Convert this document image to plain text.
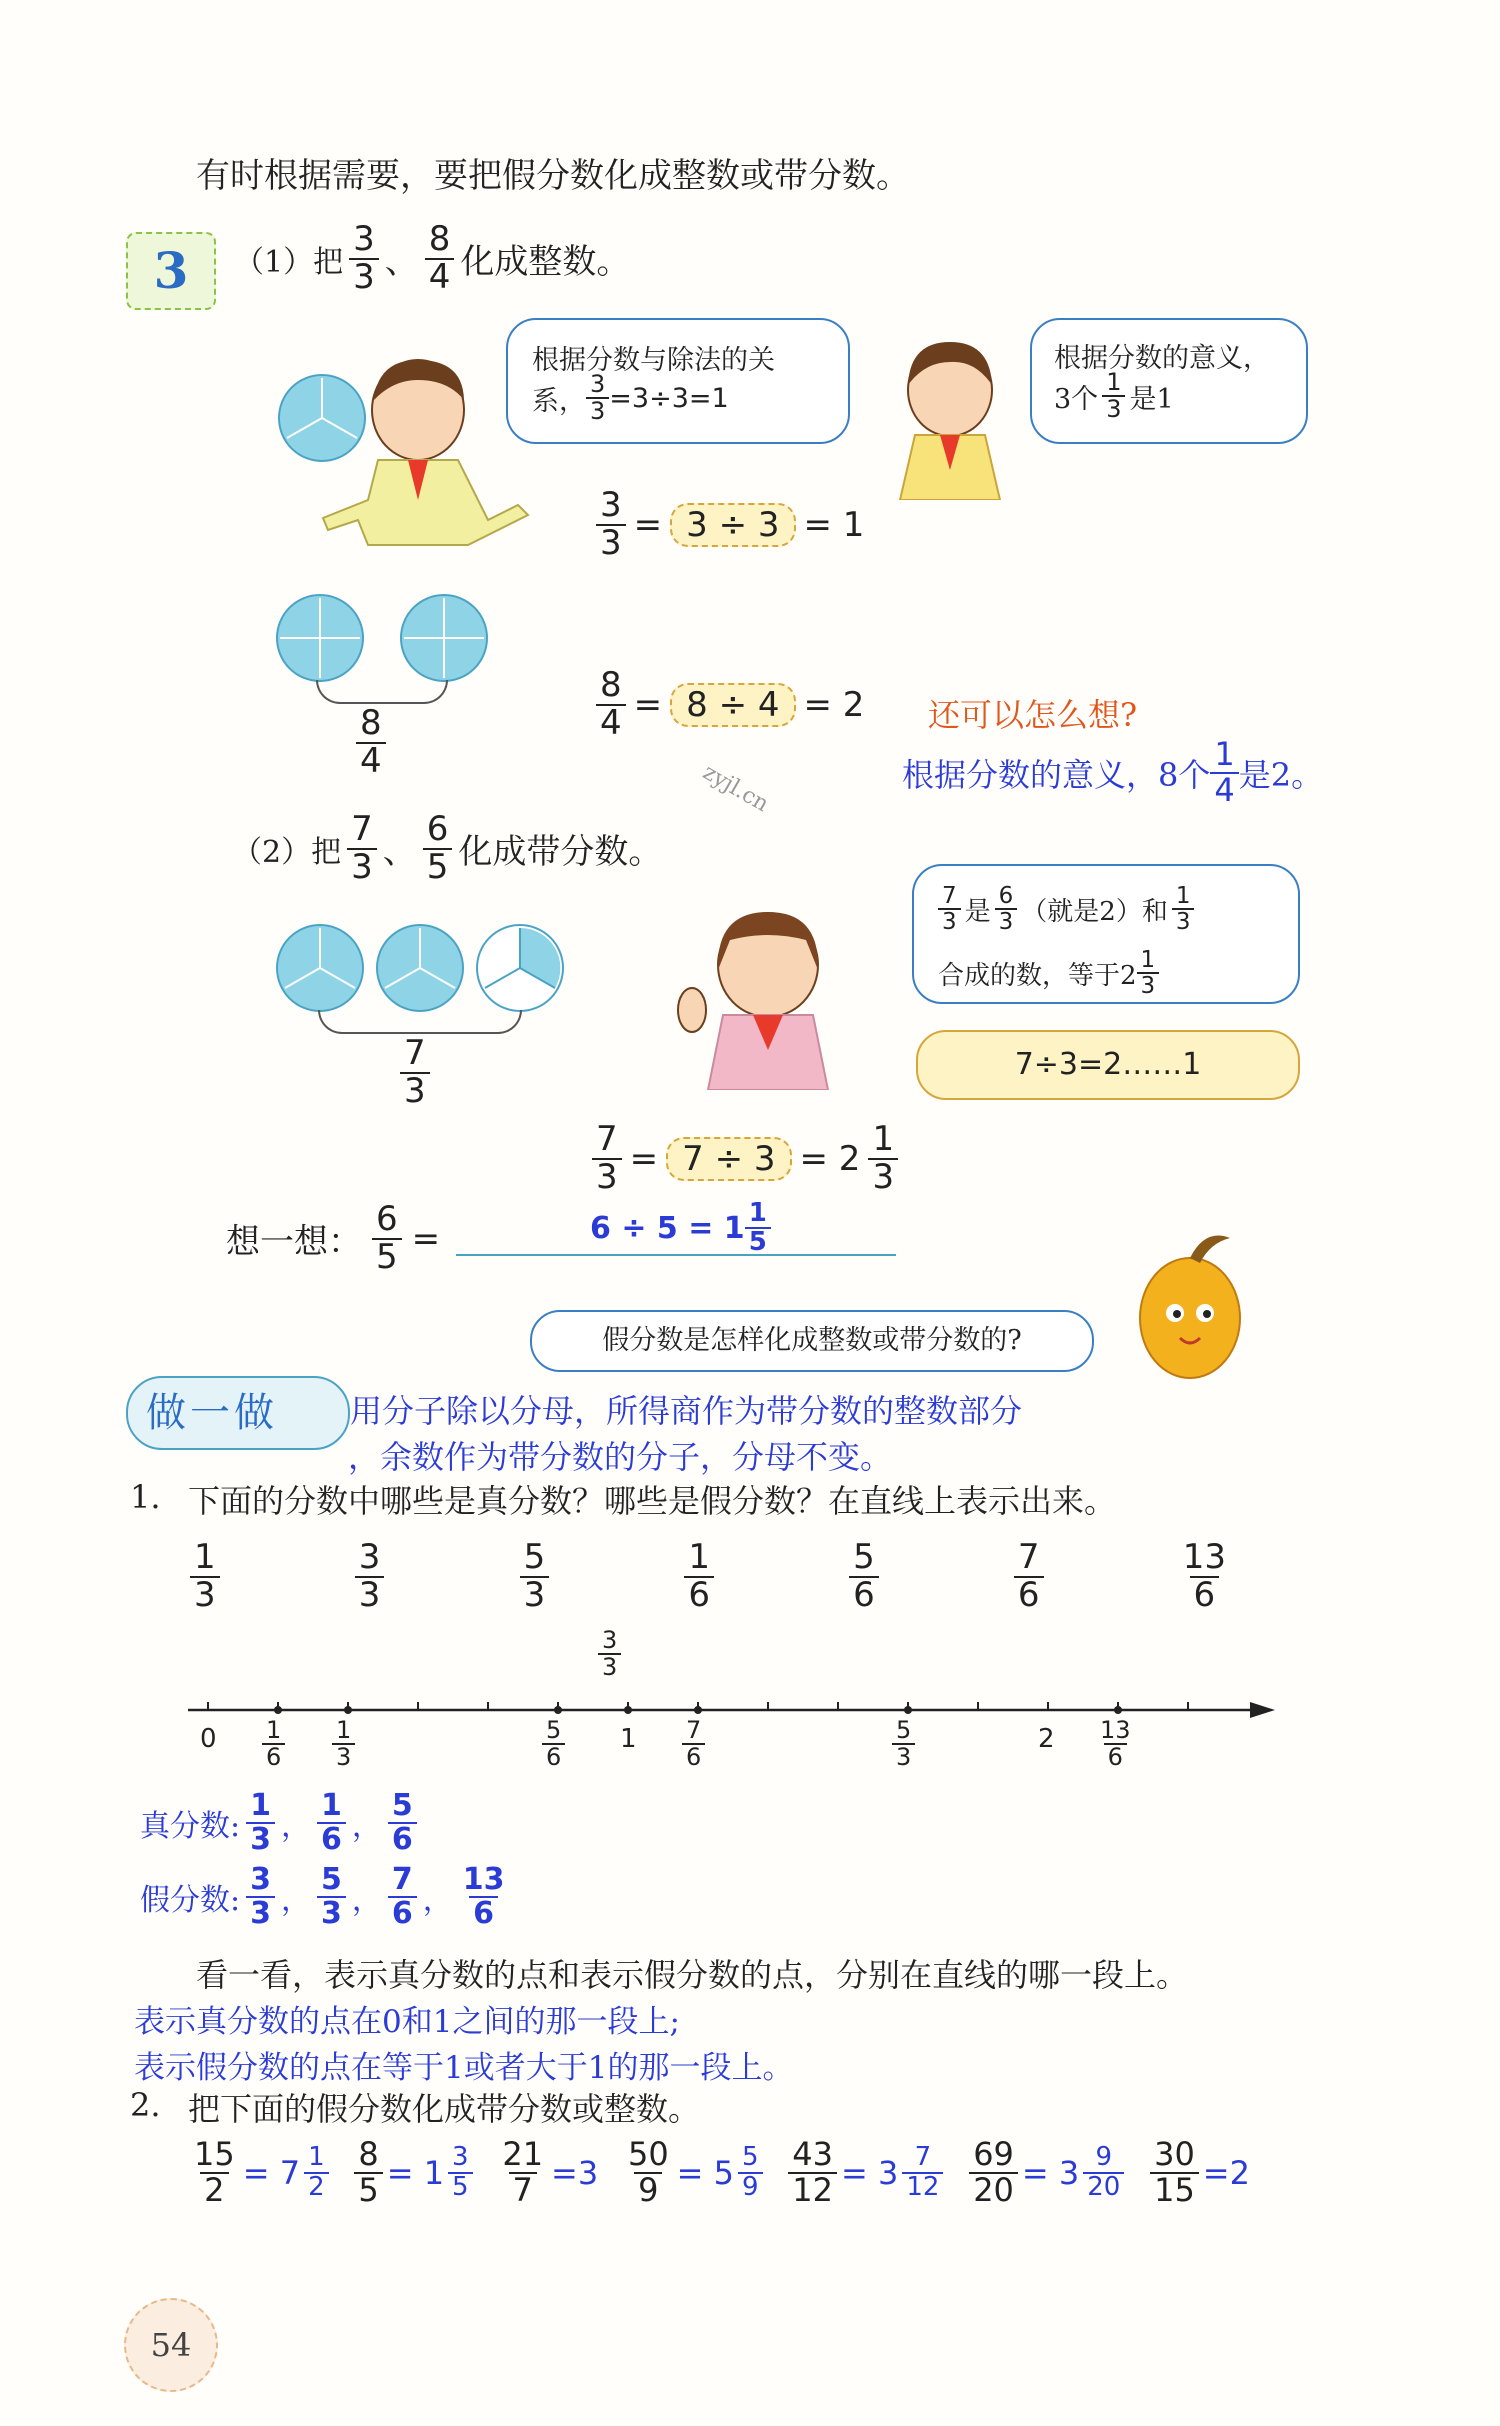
有时根据需要，要把假分数化成整数或带分数。
3	（1）把 $\frac{3}{3}$ 、 $\frac{8}{4}$ 化成整数。
根据分数与除法的关
系， $\frac{3}{3} =3\div 3=1$
根据分数的意义，
3个 $\frac{1}{3}$ 是1
$\frac{3}{3} = 3 \div 3 = 1$
$\frac{8}{4}$
$\frac{8}{4} = 8 \div 4 = 2$ 还可以怎么想?
根据分数的意义，8个 $\frac{1}{4}$ 是2。
zyjl.cn
（2）把 $\frac{7}{3}$ 、 $\frac{6}{5}$ 化成带分数。
$\frac{7}{3}$
$\frac{7}{3}$ 是 $\frac{6}{3}$ （就是2）和 $\frac{1}{3}$
合成的数，等于$2 \frac{1}{3}$
7÷3=2……1
$\frac{7}{3} = 7 \div 3 = 2 \frac{1}{3}$
想一想： $\frac{6}{5}$ =	$6 \div 5 = 1 \frac{1}{5}$
假分数是怎样化成整数或带分数的?
做一做	用分子除以分母，所得商作为带分数的整数部分
，余数作为带分数的分子，分母不变。
1. 下面的分数中哪些是真分数？哪些是假分数？在直线上表示出来。
$\frac{1}{3}$	$\frac{3}{3}$	$\frac{5}{3}$	$\frac{1}{6}$	$\frac{5}{6}$	$\frac{7}{6}$	$\frac{13}{6}$
$\frac{3}{3}$
$0 \frac{1}{6} \frac{1}{3}$	$\frac{5}{6} 1 \frac{7}{6}$	$\frac{5}{3}$	$2 \frac{13}{6}$
真分数: $\frac{1}{3}$ ， $\frac{1}{6}$ ， $\frac{5}{6}$
假分数: $\frac{3}{3}$ ， $\frac{5}{3}$ ， $\frac{7}{6}$ ， $\frac{13}{6}$
看一看，表示真分数的点和表示假分数的点，分别在直线的哪一段上。
表示真分数的点在0和1之间的那一段上;
表示假分数的点在等于1或者大于1的那一段上。
2. 把下面的假分数化成带分数或整数。
$\frac{15}{2} = 7 \frac{1}{2} \frac{8}{5} = 1 \frac{3}{5} \frac{21}{7} =3 \frac{50}{9} = 5 \frac{5}{9} \frac{43}{12} = 3 \frac{7}{12} \frac{69}{20} = 3 \frac{9}{20} \frac{30}{15} =2$
54
